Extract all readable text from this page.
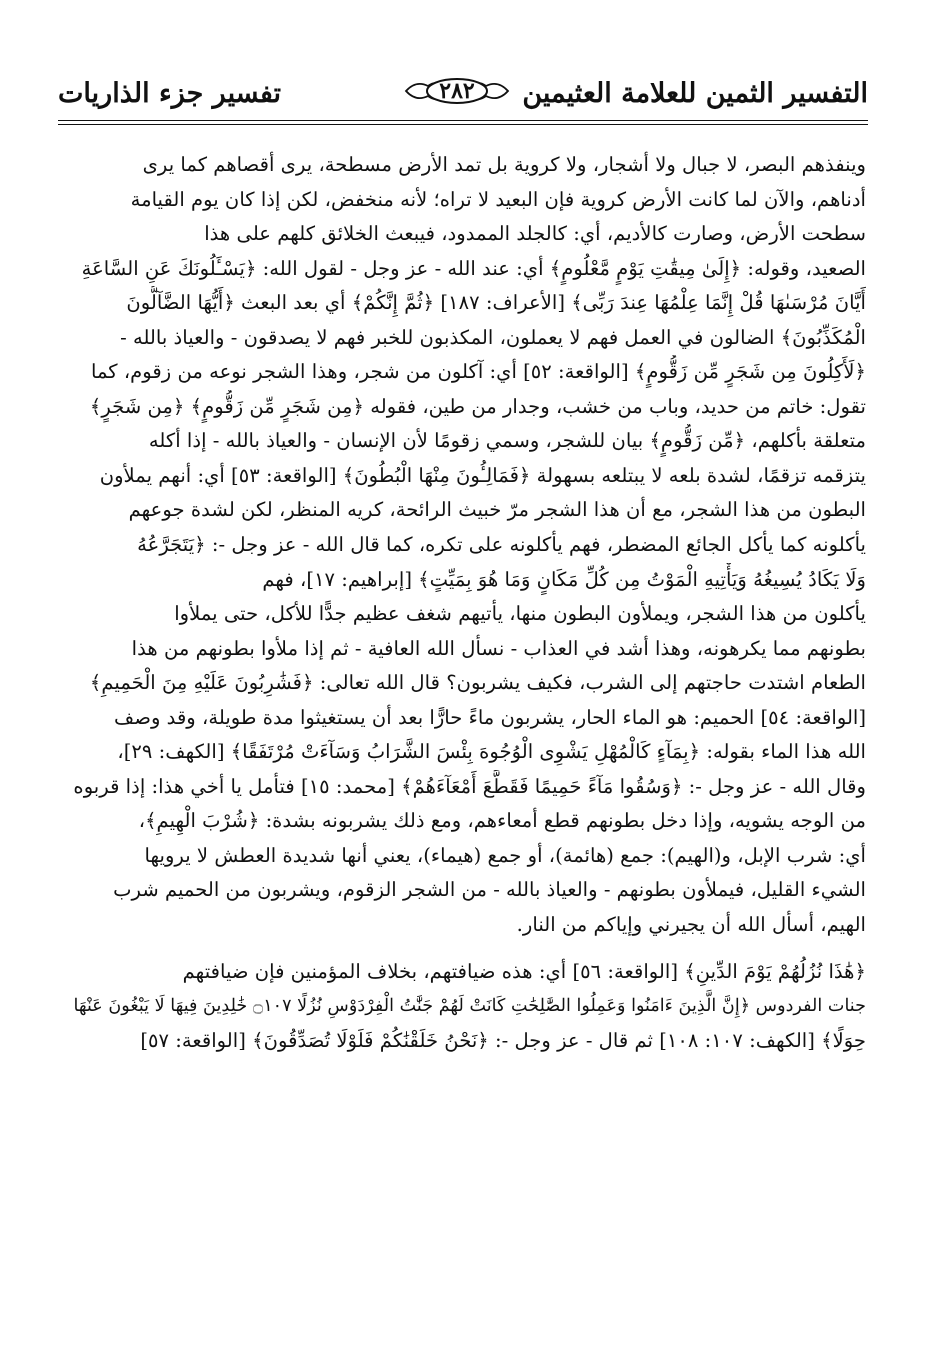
التفسير الثمين للعلامة العثيمين
٢٨٢
تفسير جزء الذاريات
وينفذهم البصر، لا جبال ولا أشجار، ولا كروية بل تمد الأرض مسطحة، يرى أقصاهم كما يرى
أدناهم، والآن لما كانت الأرض كروية فإن البعيد لا تراه؛ لأنه منخفض، لكن إذا كان يوم القيامة
سطحت الأرض، وصارت كالأديم، أي: كالجلد الممدود، فيبعث الخلائق كلهم على هذا
الصعيد، وقوله: ﴿إِلَىٰ مِيقَٰتِ يَوْمٍ مَّعْلُومٍ﴾ أي: عند الله - عز وجل - لقول الله: ﴿يَسْـَٔلُونَكَ عَنِ السَّاعَةِ
أَيَّانَ مُرْسَىٰهَا قُلْ إِنَّمَا عِلْمُهَا عِندَ رَبِّى﴾ [الأعراف: ١٨٧] ﴿ثُمَّ إِنَّكُمْ﴾ أي بعد البعث ﴿أَيُّهَا الضَّآلُّونَ
الْمُكَذِّبُونَ﴾ الضالون في العمل فهم لا يعملون، المكذبون للخبر فهم لا يصدقون - والعياذ بالله -
﴿لَأَكِلُونَ مِن شَجَرٍ مِّن زَقُّومٍ﴾ [الواقعة: ٥٢] أي: آكلون من شجر، وهذا الشجر نوعه من زقوم، كما
تقول: خاتم من حديد، وباب من خشب، وجدار من طين، فقوله ﴿مِن شَجَرٍ مِّن زَقُّومٍ﴾ ﴿مِن شَجَرٍ﴾
متعلقة بأكلهم، ﴿مِّن زَقُّومٍ﴾ بيان للشجر، وسمي زقومًا لأن الإنسان - والعياذ بالله - إذا أكله
يتزقمه تزقمًا، لشدة بلعه لا يبتلعه بسهولة ﴿فَمَالِـُٔونَ مِنْهَا الْبُطُونَ﴾ [الواقعة: ٥٣] أي: أنهم يملأون
البطون من هذا الشجر، مع أن هذا الشجر مرّ خبيث الرائحة، كريه المنظر، لكن لشدة جوعهم
يأكلونه كما يأكل الجائع المضطر، فهم يأكلونه على تكره، كما قال الله - عز وجل -: ﴿يَتَجَرَّعُهُ
وَلَا يَكَادُ يُسِيغُهُ وَيَأْتِيهِ الْمَوْتُ مِن كُلِّ مَكَانٍ وَمَا هُوَ بِمَيِّتٍ﴾ [إبراهيم: ١٧]، فهم
يأكلون من هذا الشجر، ويملأون البطون منها، يأتيهم شغف عظيم جدًّا للأكل، حتى يملأوا
بطونهم مما يكرهونه، وهذا أشد في العذاب - نسأل الله العافية - ثم إذا ملأوا بطونهم من هذا
الطعام اشتدت حاجتهم إلى الشرب، فكيف يشربون؟ قال الله تعالى: ﴿فَشَٰرِبُونَ عَلَيْهِ مِنَ الْحَمِيمِ﴾
[الواقعة: ٥٤] الحميم: هو الماء الحار، يشربون ماءً حارًّا بعد أن يستغيثوا مدة طويلة، وقد وصف
الله هذا الماء بقوله: ﴿بِمَآءٍ كَالْمُهْلِ يَشْوِى الْوُجُوهَ بِئْسَ الشَّرَابُ وَسَآءَتْ مُرْتَفَقًا﴾ [الكهف: ٢٩]،
وقال الله - عز وجل -: ﴿وَسُقُوا مَآءً حَمِيمًا فَقَطَّعَ أَمْعَآءَهُمْ﴾ [محمد: ١٥] فتأمل يا أخي هذا: إذا قربوه
من الوجه يشويه، وإذا دخل بطونهم قطع أمعاءهم، ومع ذلك يشربونه بشدة: ﴿شُرْبَ الْهِيمِ﴾،
أي: شرب الإبل، و(الهيم): جمع (هائمة)، أو جمع (هيماء)، يعني أنها شديدة العطش لا يرويها
الشيء القليل، فيملأون بطونهم - والعياذ بالله - من الشجر الزقوم، ويشربون من الحميم شرب
الهيم، أسأل الله أن يجيرني وإياكم من النار.
﴿هَٰذَا نُزُلُهُمْ يَوْمَ الدِّينِ﴾ [الواقعة: ٥٦] أي: هذه ضيافتهم، بخلاف المؤمنين فإن ضيافتهم
جنات الفردوس ﴿إِنَّ الَّذِينَ ءَامَنُوا وَعَمِلُوا الصَّٰلِحَٰتِ كَانَتْ لَهُمْ جَنَّٰتُ الْفِرْدَوْسِ نُزُلًا ۝١٠٧ خَٰلِدِينَ فِيهَا لَا يَبْغُونَ عَنْهَا
حِوَلًا﴾ [الكهف: ١٠٧: ١٠٨] ثم قال - عز وجل -: ﴿نَحْنُ خَلَقْنَٰكُمْ فَلَوْلَا تُصَدِّقُونَ﴾ [الواقعة: ٥٧]
